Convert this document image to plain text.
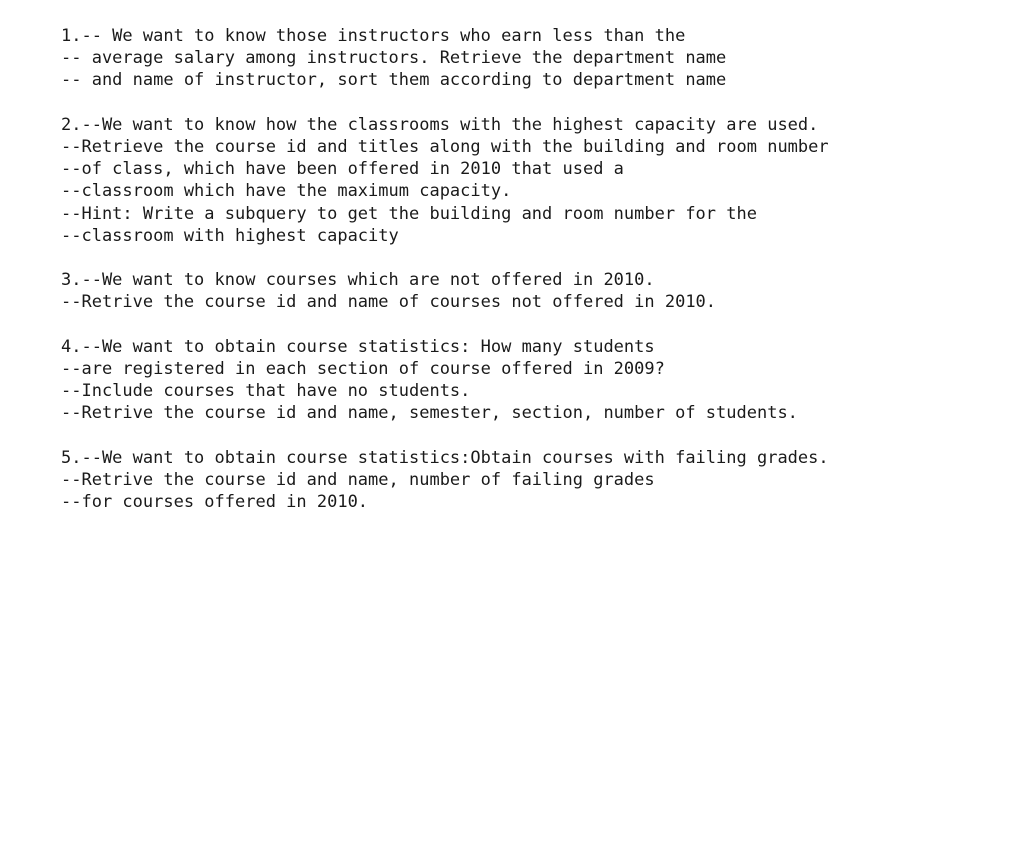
1.-- We want to know those instructors who earn less than the
-- average salary among instructors. Retrieve the department name
-- and name of instructor, sort them according to department name
2.--We want to know how the classrooms with the highest capacity are used.
--Retrieve the course id and titles along with the building and room number
--of class, which have been offered in 2010 that used a
--classroom which have the maximum capacity.
--Hint: Write a subquery to get the building and room number for the
--classroom with highest capacity
3.--We want to know courses which are not offered in 2010.
--Retrive the course id and name of courses not offered in 2010.
4.--We want to obtain course statistics: How many students
--are registered in each section of course offered in 2009?
--Include courses that have no students.
--Retrive the course id and name, semester, section, number of students.
5.--We want to obtain course statistics:Obtain courses with failing grades.
--Retrive the course id and name, number of failing grades
--for courses offered in 2010.
